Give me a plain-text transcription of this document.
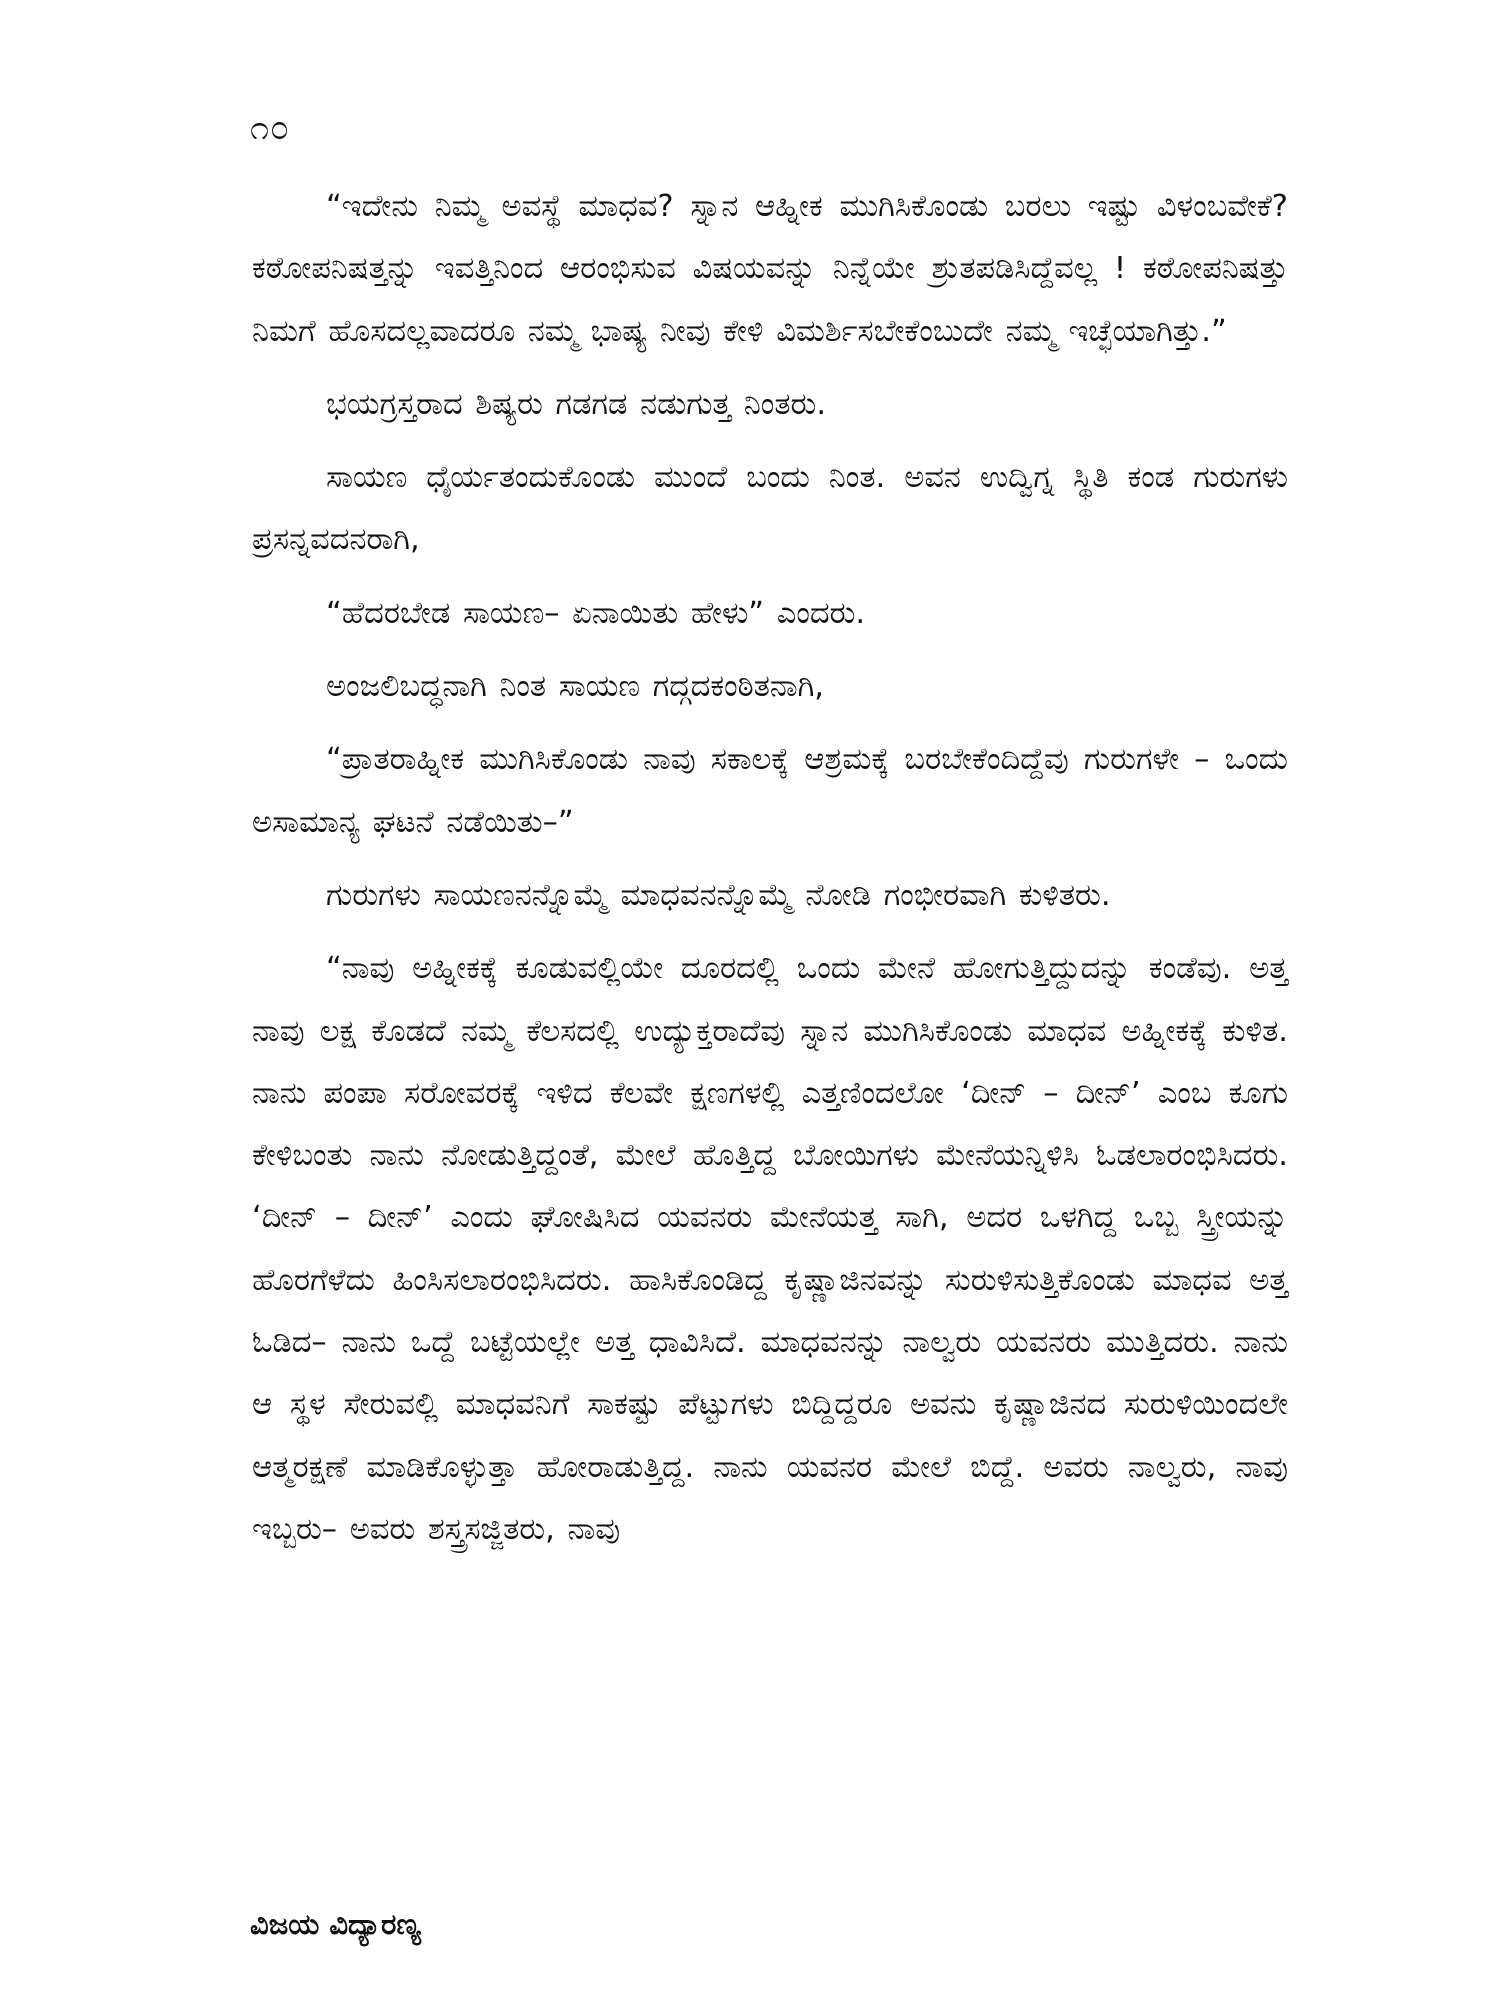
೧೦

“ಇದೇನು ನಿಮ್ಮ ಅವಸ್ಥೆ ಮಾಧವ? ಸ್ನಾನ ಆಹ್ನೀಕ ಮುಗಿಸಿಕೊಂಡು ಬರಲು ಇಷ್ಟು ವಿಳಂಬವೇಕೆ? ಕಠೋಪನಿಷತ್ತನ್ನು ಇವತ್ತಿನಿಂದ ಆರಂಭಿಸುವ ವಿಷಯವನ್ನು ನಿನ್ನೆಯೇ ಶ್ರುತಪಡಿಸಿದ್ದೆವಲ್ಲ ! ಕಠೋಪನಿಷತ್ತು ನಿಮಗೆ ಹೊಸದಲ್ಲವಾದರೂ ನಮ್ಮ ಭಾಷ್ಯ ನೀವು ಕೇಳಿ ವಿಮರ್ಶಿಸಬೇಕೆಂಬುದೇ ನಮ್ಮ ಇಚ್ಛೆಯಾಗಿತ್ತು.”

ಭಯಗ್ರಸ್ತರಾದ ಶಿಷ್ಯರು ಗಡಗಡ ನಡುಗುತ್ತ ನಿಂತರು.

ಸಾಯಣ ಧೈರ್ಯತಂದುಕೊಂಡು ಮುಂದೆ ಬಂದು ನಿಂತ. ಅವನ ಉದ್ವಿಗ್ನ ಸ್ಥಿತಿ ಕಂಡ ಗುರುಗಳು ಪ್ರಸನ್ನವದನರಾಗಿ,

“ಹೆದರಬೇಡ ಸಾಯಣ– ಏನಾಯಿತು ಹೇಳು” ಎಂದರು.

ಅಂಜಲಿಬದ್ಧನಾಗಿ ನಿಂತ ಸಾಯಣ ಗದ್ಗದಕಂಠಿತನಾಗಿ,

“ಪ್ರಾತರಾಹ್ನೀಕ ಮುಗಿಸಿಕೊಂಡು ನಾವು ಸಕಾಲಕ್ಕೆ ಆಶ್ರಮಕ್ಕೆ ಬರಬೇಕೆಂದಿದ್ದೆವು ಗುರುಗಳೇ – ಒಂದು ಅಸಾಮಾನ್ಯ ಘಟನೆ ನಡೆಯಿತು–”

ಗುರುಗಳು ಸಾಯಣನನ್ನೊಮ್ಮೆ ಮಾಧವನನ್ನೊಮ್ಮೆ ನೋಡಿ ಗಂಭೀರವಾಗಿ ಕುಳಿತರು.

“ನಾವು ಅಹ್ನೀಕಕ್ಕೆ ಕೂಡುವಲ್ಲಿಯೇ ದೂರದಲ್ಲಿ ಒಂದು ಮೇನೆ ಹೋಗುತ್ತಿದ್ದುದನ್ನು ಕಂಡೆವು. ಅತ್ತ ನಾವು ಲಕ್ಷ ಕೊಡದೆ ನಮ್ಮ ಕೆಲಸದಲ್ಲಿ ಉದ್ಯುಕ್ತರಾದೆವು ಸ್ನಾನ ಮುಗಿಸಿಕೊಂಡು ಮಾಧವ ಅಹ್ನೀಕಕ್ಕೆ ಕುಳಿತ. ನಾನು ಪಂಪಾ ಸರೋವರಕ್ಕೆ ಇಳಿದ ಕೆಲವೇ ಕ್ಷಣಗಳಲ್ಲಿ ಎತ್ತಣಿಂದಲೋ ‘ದೀನ್ – ದೀನ್’ ಎಂಬ ಕೂಗು ಕೇಳಿಬಂತು ನಾನು ನೋಡುತ್ತಿದ್ದಂತೆ, ಮೇಲೆ ಹೊತ್ತಿದ್ದ ಬೋಯಿಗಳು ಮೇನೆಯನ್ನಿಳಿಸಿ ಓಡಲಾರಂಭಿಸಿದರು. ‘ದೀನ್ – ದೀನ್’ ಎಂದು ಘೋಷಿಸಿದ ಯವನರು ಮೇನೆಯತ್ತ ಸಾಗಿ, ಅದರ ಒಳಗಿದ್ದ ಒಬ್ಬ ಸ್ತ್ರೀಯನ್ನು ಹೊರಗೆಳೆದು ಹಿಂಸಿಸಲಾರಂಭಿಸಿದರು. ಹಾಸಿಕೊಂಡಿದ್ದ ಕೃಷ್ಣಾಜಿನವನ್ನು ಸುರುಳಿಸುತ್ತಿಕೊಂಡು ಮಾಧವ ಅತ್ತ ಓಡಿದ– ನಾನು ಒದ್ದೆ ಬಟ್ಟೆಯಲ್ಲೇ ಅತ್ತ ಧಾವಿಸಿದೆ. ಮಾಧವನನ್ನು ನಾಲ್ವರು ಯವನರು ಮುತ್ತಿದರು. ನಾನು ಆ ಸ್ಥಳ ಸೇರುವಲ್ಲಿ ಮಾಧವನಿಗೆ ಸಾಕಷ್ಟು ಪೆಟ್ಟುಗಳು ಬಿದ್ದಿದ್ದರೂ ಅವನು ಕೃಷ್ಣಾಜಿನದ ಸುರುಳಿಯಿಂದಲೇ ಆತ್ಮರಕ್ಷಣೆ ಮಾಡಿಕೊಳ್ಳುತ್ತಾ ಹೋರಾಡುತ್ತಿದ್ದ. ನಾನು ಯವನರ ಮೇಲೆ ಬಿದ್ದೆ. ಅವರು ನಾಲ್ವರು, ನಾವು ಇಬ್ಬರು– ಅವರು ಶಸ್ತ್ರಸಜ್ಜಿತರು, ನಾವು

ವಿಜಯ ವಿದ್ಯಾರಣ್ಯ
